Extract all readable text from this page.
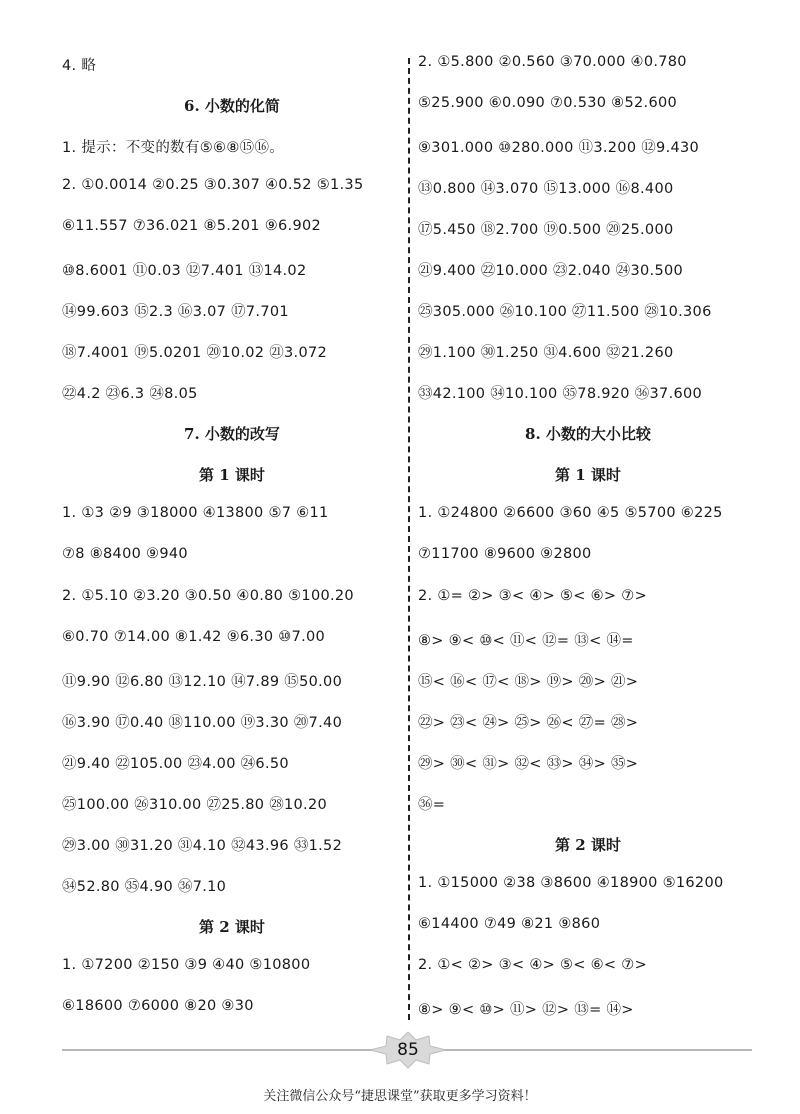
4. 略
6. 小数的化简
1. 提示：不变的数有⑤⑥⑧⑮⑯。
2. ①0.0014 ②0.25 ③0.307 ④0.52 ⑤1.35
⑥11.557 ⑦36.021 ⑧5.201 ⑨6.902
⑩8.6001 ⑪0.03 ⑫7.401 ⑬14.02
⑭99.603 ⑮2.3 ⑯3.07 ⑰7.701
⑱7.4001 ⑲5.0201 ⑳10.02 ㉑3.072
㉒4.2 ㉓6.3 ㉔8.05
7. 小数的改写
第 1 课时
1. ①3 ②9 ③18000 ④13800 ⑤7 ⑥11
⑦8 ⑧8400 ⑨940
2. ①5.10 ②3.20 ③0.50 ④0.80 ⑤100.20
⑥0.70 ⑦14.00 ⑧1.42 ⑨6.30 ⑩7.00
⑪9.90 ⑫6.80 ⑬12.10 ⑭7.89 ⑮50.00
⑯3.90 ⑰0.40 ⑱110.00 ⑲3.30 ⑳7.40
㉑9.40 ㉒105.00 ㉓4.00 ㉔6.50
㉕100.00 ㉖310.00 ㉗25.80 ㉘10.20
㉙3.00 ㉚31.20 ㉛4.10 ㉜43.96 ㉝1.52
㉞52.80 ㉟4.90 ㊱7.10
第 2 课时
1. ①7200 ②150 ③9 ④40 ⑤10800
⑥18600 ⑦6000 ⑧20 ⑨30
2. ①5.800 ②0.560 ③70.000 ④0.780
⑤25.900 ⑥0.090 ⑦0.530 ⑧52.600
⑨301.000 ⑩280.000 ⑪3.200 ⑫9.430
⑬0.800 ⑭3.070 ⑮13.000 ⑯8.400
⑰5.450 ⑱2.700 ⑲0.500 ⑳25.000
㉑9.400 ㉒10.000 ㉓2.040 ㉔30.500
㉕305.000 ㉖10.100 ㉗11.500 ㉘10.306
㉙1.100 ㉚1.250 ㉛4.600 ㉜21.260
㉝42.100 ㉞10.100 ㉟78.920 ㊱37.600
8. 小数的大小比较
第 1 课时
1. ①24800 ②6600 ③60 ④5 ⑤5700 ⑥225
⑦11700 ⑧9600 ⑨2800
2. ①= ②> ③< ④> ⑤< ⑥> ⑦>
⑧> ⑨< ⑩< ⑪< ⑫= ⑬< ⑭=
⑮< ⑯< ⑰< ⑱> ⑲> ⑳> ㉑>
㉒> ㉓< ㉔> ㉕> ㉖< ㉗= ㉘>
㉙> ㉚< ㉛> ㉜< ㉝> ㉞> ㉟>
㊱=
第 2 课时
1. ①15000 ②38 ③8600 ④18900 ⑤16200
⑥14400 ⑦49 ⑧21 ⑨860
2. ①< ②> ③< ④> ⑤< ⑥< ⑦>
⑧> ⑨< ⑩> ⑪> ⑫> ⑬= ⑭>
85
关注微信公众号“捷思课堂”获取更多学习资料！
